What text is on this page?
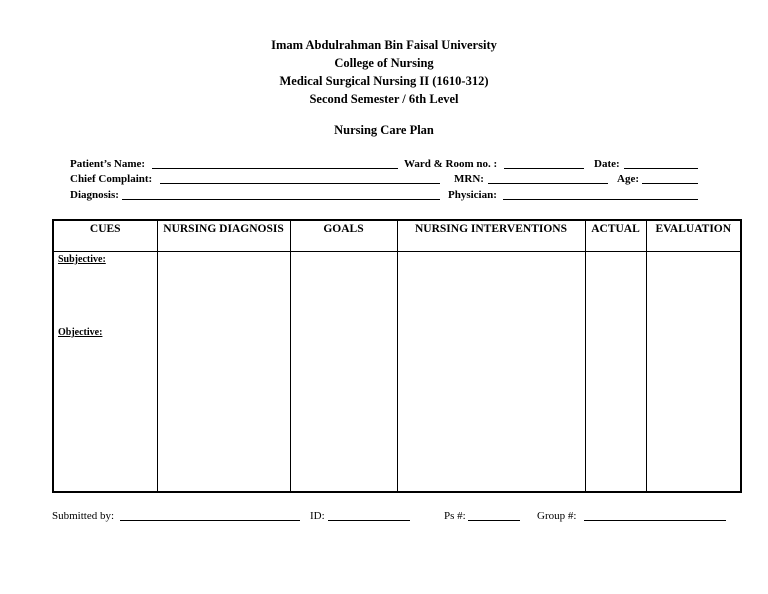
Imam Abdulrahman Bin Faisal University
College of Nursing
Medical Surgical Nursing II (1610-312)
Second Semester / 6th Level
Nursing Care Plan
Patient’s Name:	Ward & Room no. :	Date:
Chief Complaint:	MRN:	Age:
Diagnosis:	Physician:
CUES	NURSING DIAGNOSIS	GOALS	NURSING INTERVENTIONS	ACTUAL	EVALUATION

Subjective:
Objective:					

Submitted by:	ID:	Ps #:	Group #:
